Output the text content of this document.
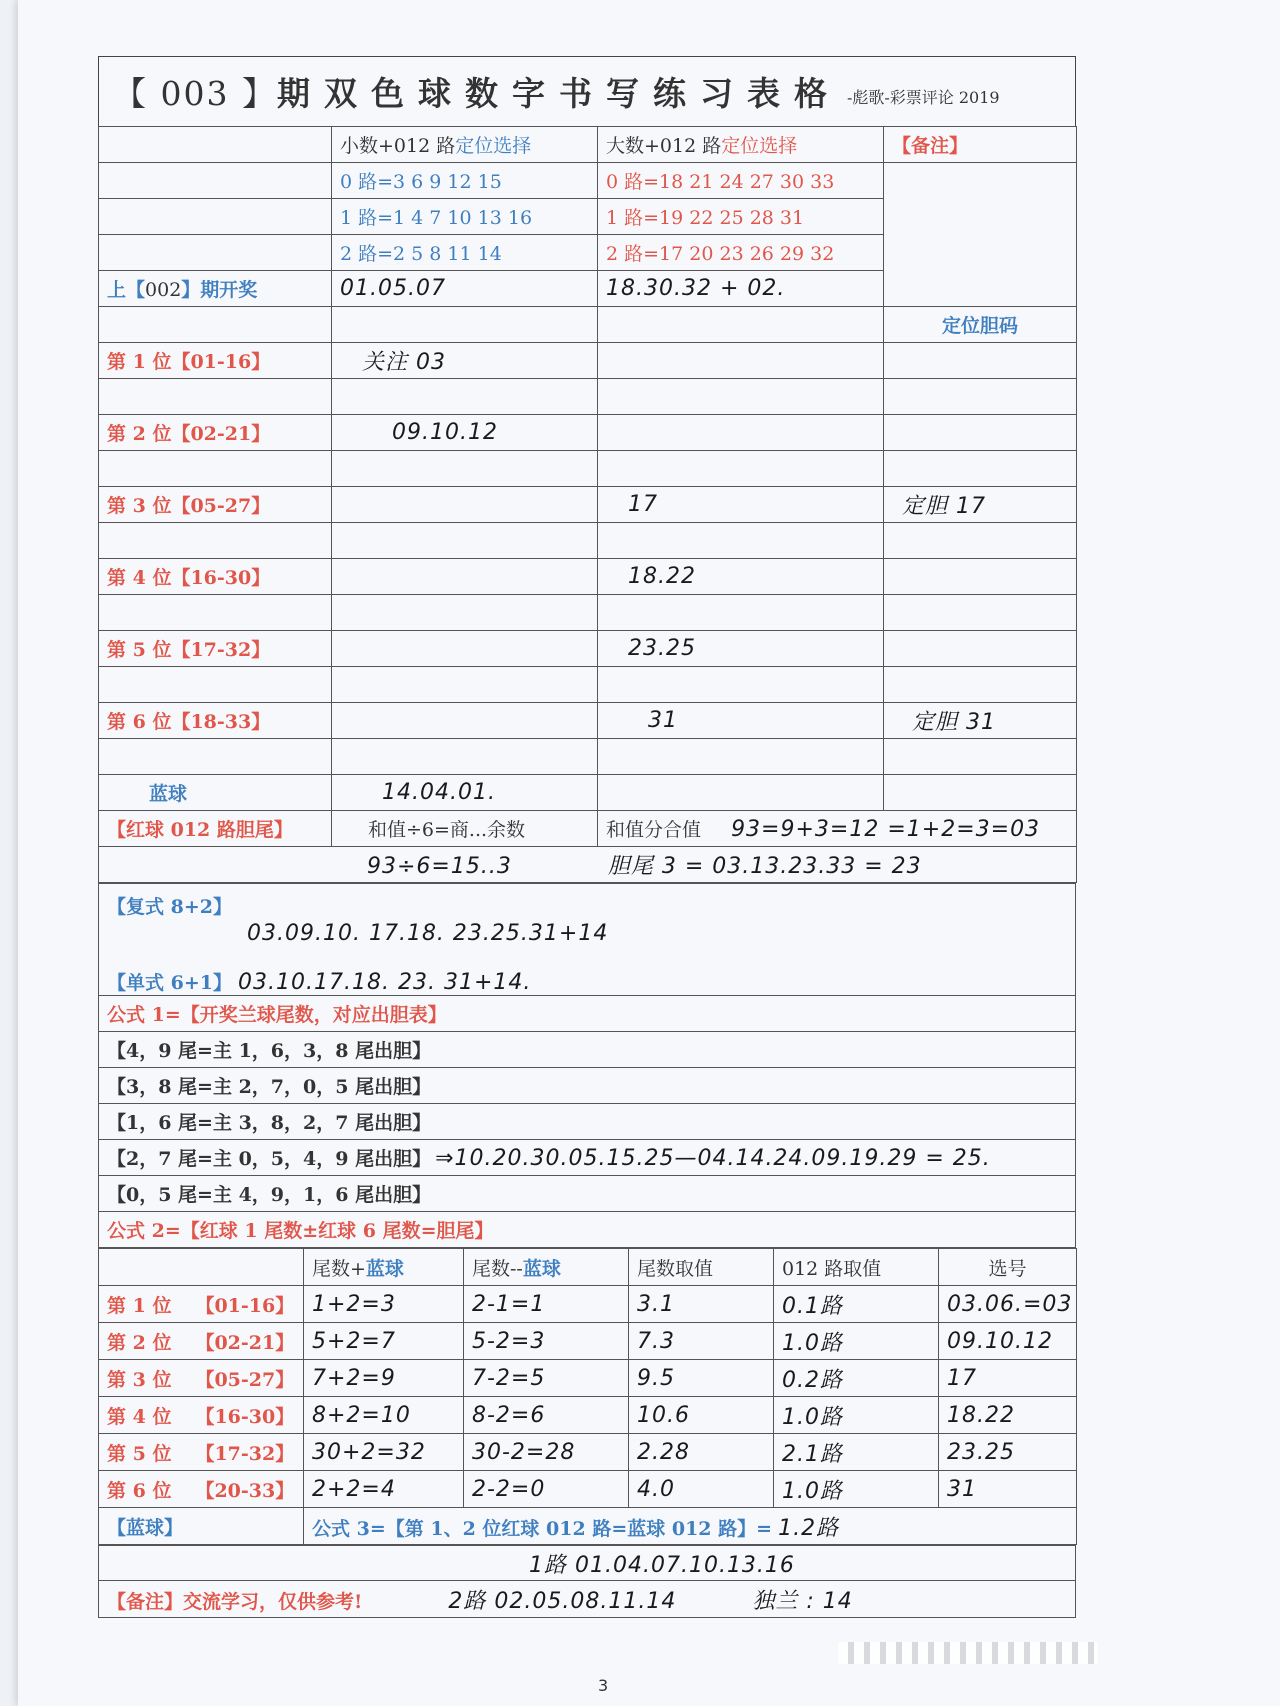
【 003 】 期双色球数字书写练习表格 -彪歌-彩票评论 2019
	小数+012 路定位选择	大数+012 路定位选择	【备注】
	0 路=3 6 9 12 15	0 路=18 21 24 27 30 33	
	1 路=1 4 7 10 13 16	1 路=19 22 25 28 31	
	2 路=2 5 8 11 14	2 路=17 20 23 26 29 32	
上【002】期开奖	01.05.07	18.30.32 + 02.	
			定位胆码
第 1 位【01-16】	关注 03		

第 2 位【02-21】	09.10.12		

第 3 位【05-27】		17	定胆 17

第 4 位【16-30】		18.22	

第 5 位【17-32】		23.25	

第 6 位【18-33】		31	定胆 31

蓝球	14.04.01.		
【红球 012 路胆尾】	和值÷6=商...余数	和值分合值 93=9+3=12 =1+2=3=03	
93÷6=15..3 胆尾 3 = 03.13.23.33 = 23			
【复式 8+2】
03.09.10. 17.18. 23.25.31+14
【单式 6+1】 03.10.17.18. 23. 31+14.

公式 1=【开奖兰球尾数，对应出胆表】
【4，9 尾=主 1，6，3，8 尾出胆】
【3，8 尾=主 2，7，0，5 尾出胆】
【1，6 尾=主 3，8，2，7 尾出胆】
【2，7 尾=主 0，5，4，9 尾出胆】 ⇒10.20.30.05.15.25—04.14.24.09.19.29 = 25.
【0，5 尾=主 4，9，1，6 尾出胆】
公式 2=【红球 1 尾数±红球 6 尾数=胆尾】
	尾数+蓝球	尾数--蓝球	尾数取值	012 路取值	选号
第 1 位 【01-16】	1+2=3	2-1=1	3.1	0.1路	03.06.=03
第 2 位 【02-21】	5+2=7	5-2=3	7.3	1.0路	09.10.12
第 3 位 【05-27】	7+2=9	7-2=5	9.5	0.2路	17
第 4 位 【16-30】	8+2=10	8-2=6	10.6	1.0路	18.22
第 5 位 【17-32】	30+2=32	30-2=28	2.28	2.1路	23.25
第 6 位 【20-33】	2+2=4	2-2=0	4.0	1.0路	31
【蓝球】	公式 3=【第 1、2 位红球 012 路=蓝球 012 路】= 1.2路				
1路 01.04.07.10.13.16
【备注】交流学习，仅供参考!	2路 02.05.08.11.14	独兰 : 14
3
